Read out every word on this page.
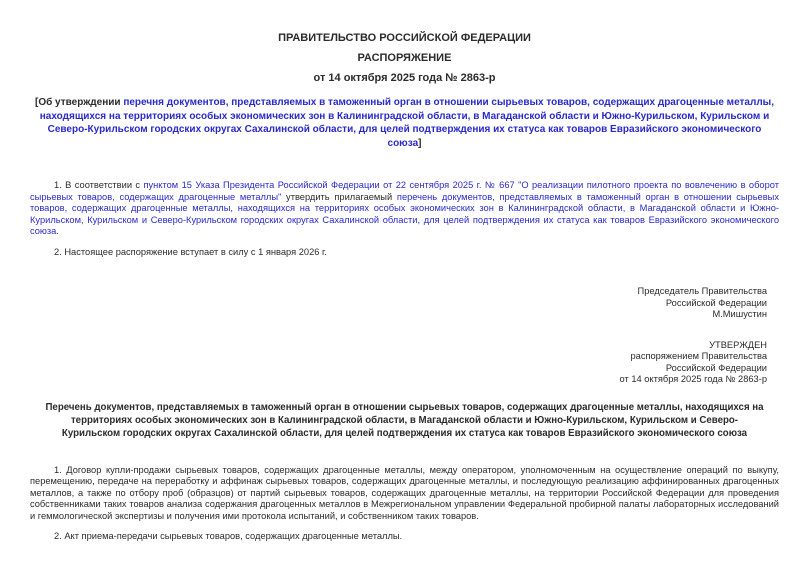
ПРАВИТЕЛЬСТВО РОССИЙСКОЙ ФЕДЕРАЦИИ
РАСПОРЯЖЕНИЕ
от 14 октября 2025 года № 2863-р
[Об утверждении перечня документов, представляемых в таможенный орган в отношении сырьевых товаров, содержащих драгоценные металлы, находящихся на территориях особых экономических зон в Калининградской области, в Магаданской области и Южно-Курильском, Курильском и Северо-Курильском городских округах Сахалинской области, для целей подтверждения их статуса как товаров Евразийского экономического союза]

1. В соответствии с пунктом 15 Указа Президента Российской Федерации от 22 сентября 2025 г. № 667 "О реализации пилотного проекта по вовлечению в оборот сырьевых товаров, содержащих драгоценные металлы" утвердить прилагаемый перечень документов, представляемых в таможенный орган в отношении сырьевых товаров, содержащих драгоценные металлы, находящихся на территориях особых экономических зон в Калининградской области, в Магаданской области и Южно-Курильском, Курильском и Северо-Курильском городских округах Сахалинской области, для целей подтверждения их статуса как товаров Евразийского экономического союза.

2. Настоящее распоряжение вступает в силу с 1 января 2026 г.

Председатель Правительства
Российской Федерации
М.Мишустин
УТВЕРЖДЕН
распоряжением Правительства
Российской Федерации
от 14 октября 2025 года № 2863-р
Перечень документов, представляемых в таможенный орган в отношении сырьевых товаров, содержащих драгоценные металлы, находящихся на территориях особых экономических зон в Калининградской области, в Магаданской области и Южно-Курильском, Курильском и Северо-Курильском городских округах Сахалинской области, для целей подтверждения их статуса как товаров Евразийского экономического союза

1. Договор купли-продажи сырьевых товаров, содержащих драгоценные металлы, между оператором, уполномоченным на осуществление операций по выкупу, перемещению, передаче на переработку и аффинаж сырьевых товаров, содержащих драгоценные металлы, и последующую реализацию аффинированных драгоценных металлов, а также по отбору проб (образцов) от партий сырьевых товаров, содержащих драгоценные металлы, на территории Российской Федерации для проведения собственниками таких товаров анализа содержания драгоценных металлов в Межрегиональном управлении Федеральной пробирной палаты лабораторных исследований и геммологической экспертизы и получения ими протокола испытаний, и собственником таких товаров.

2. Акт приема-передачи сырьевых товаров, содержащих драгоценные металлы.
